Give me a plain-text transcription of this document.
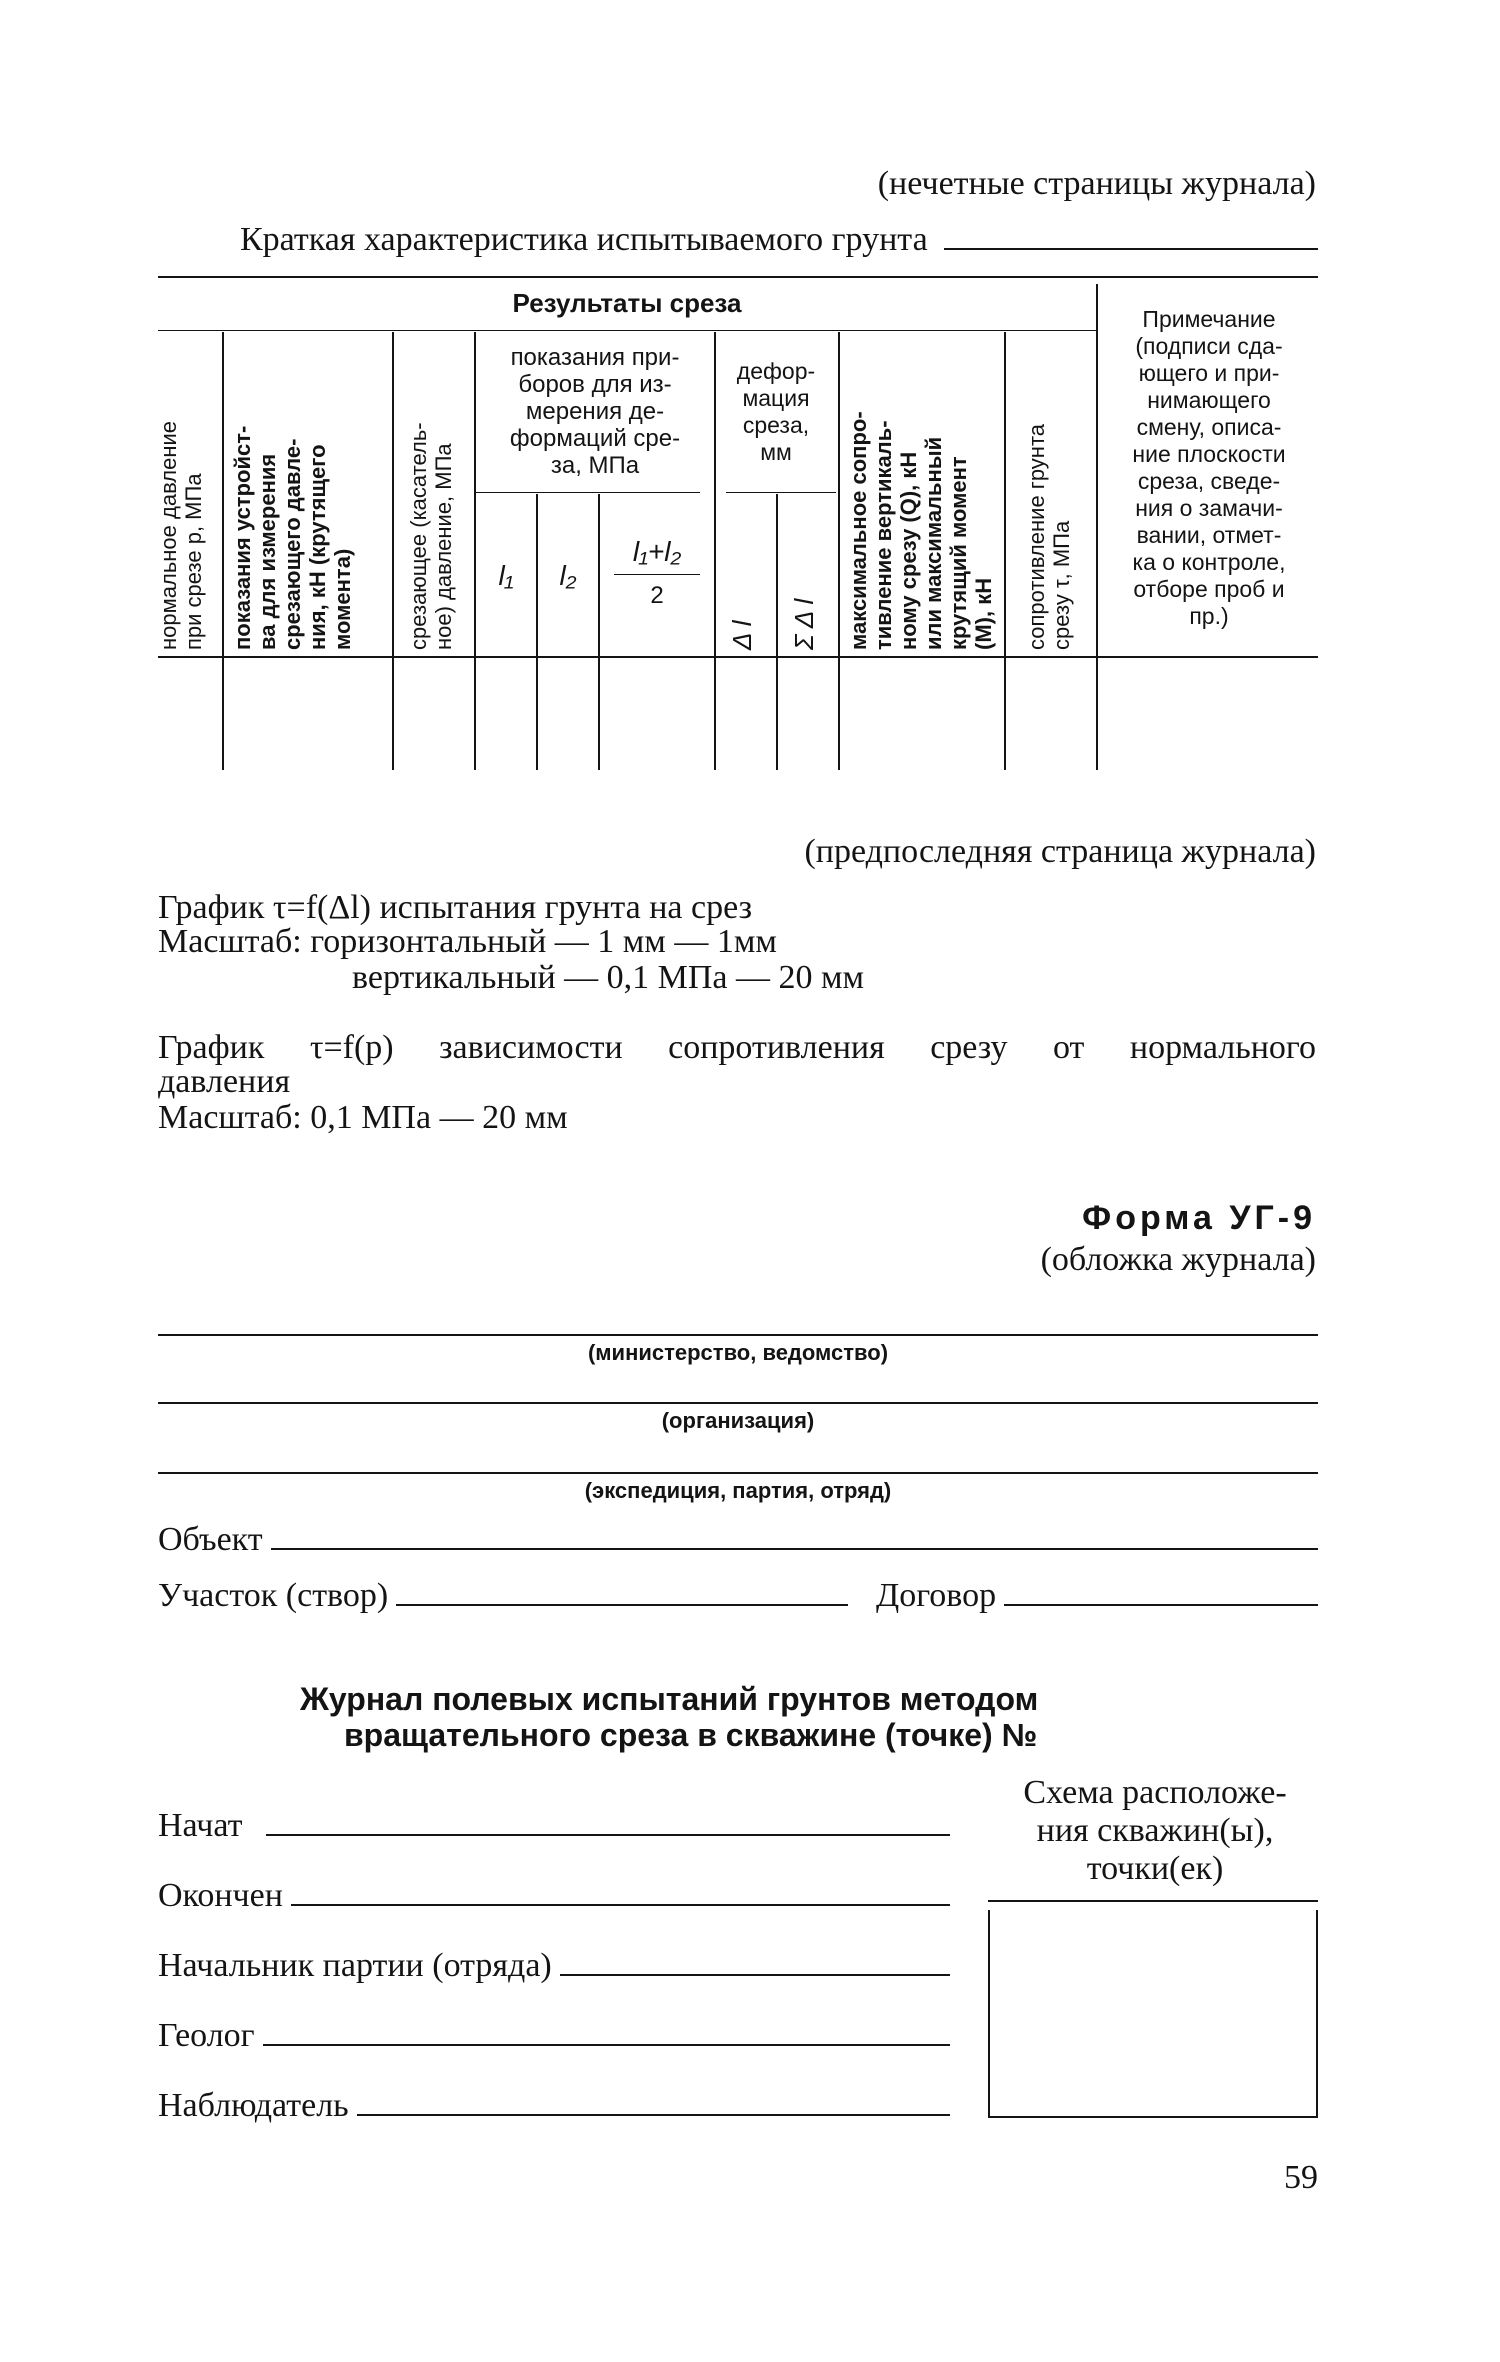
(нечетные страницы журнала)

Краткая характеристика испытываемого грунта
Результаты среза
нормальное давление
при срезе p, МПа
показания устройст-
ва для измерения
срезающего давле-
ния, кН (крутящего
момента) срезающее (касатель-
ное) давление, МПа
максимальное сопро-
тивление вертикаль-
ному срезу (Q), кН
или максимальный
крутящий момент
(M), кН сопротивление грунта
срезу τ, МПа
показания при-
боров для из-
мерения де-
формаций сре-
за, МПа
дефор-
мация
среза,
мм
Примечание
(подписи сда-
ющего и при-
нимающего
смену, описа-
ние плоскости
среза, сведе-
ния о замачи-
вании, отмет-
ка о контроле,
отборе проб и
пр.)
l₁	l₂
l₁+l₂
2
Δ l Σ Δ l

(предпоследняя страница журнала)

График τ=f(Δl) испытания грунта на срез

Масштаб: горизонтальный — 1 мм — 1мм

вертикальный — 0,1 МПа — 20 мм

График τ=f(p) зависимости сопротивления срезу от нормального

давления

Масштаб: 0,1 МПа — 20 мм

Форма УГ-9

(обложка журнала)

(министерство, ведомство)
(организация)
(экспедиция, партия, отряд)
Объект
Участок (створ)	Договор

Журнал полевых испытаний грунтов методом

вращательного среза в скважине (точке) №

Начат
Окончен
Начальник партии (отряда)
Геолог
Наблюдатель
Схема расположе-
ния скважин(ы),
точки(ек)

59
